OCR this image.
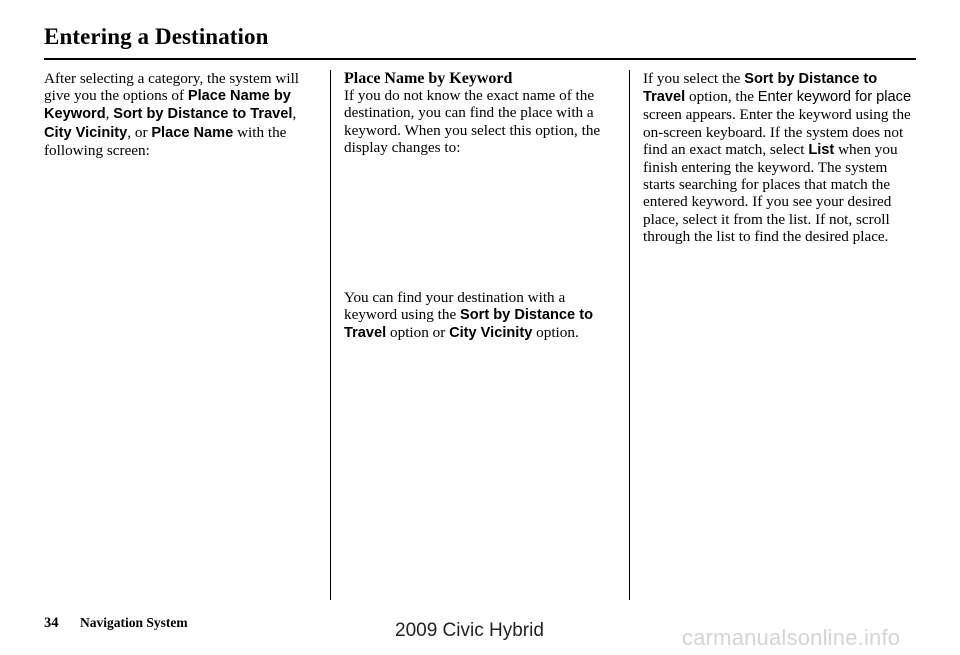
Entering a Destination
After selecting a category, the system will give you the options of Place Name by Keyword, Sort by Distance to Travel, City Vicinity, or Place Name with the following screen:
Place Name by Keyword
If you do not know the exact name of the destination, you can find the place with a keyword. When you select this option, the display changes to:
You can find your destination with a keyword using the Sort by Distance to Travel option or City Vicinity option.
If you select the Sort by Distance to Travel option, the Enter keyword for place screen appears. Enter the keyword using the on-screen keyboard. If the system does not find an exact match, select List when you finish entering the keyword. The system starts searching for places that match the entered keyword. If you see your desired place, select it from the list. If not, scroll through the list to find the desired place.
34 Navigation System	2009 Civic Hybrid	carmanualsonline.info
